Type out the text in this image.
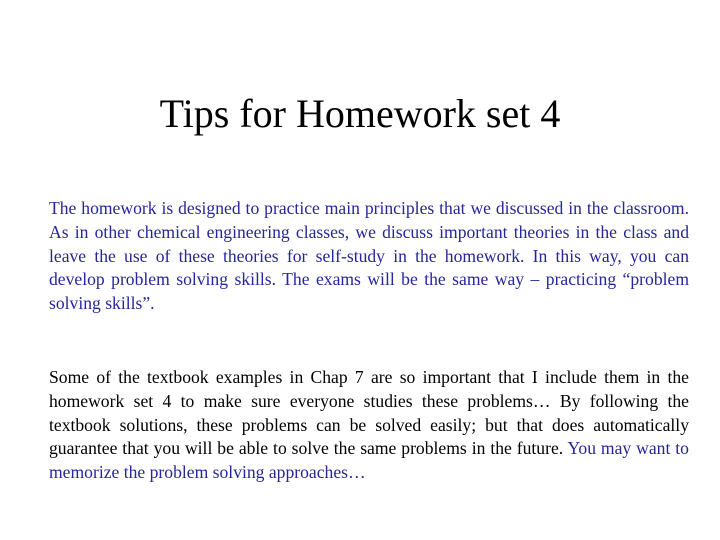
Tips for Homework set 4

The homework is designed to practice main principles that we discussed in the classroom. As in other chemical engineering classes, we discuss important theories in the class and leave the use of these theories for self-study in the homework. In this way, you can develop problem solving skills. The exams will be the same way – practicing “problem solving skills”.

Some of the textbook examples in Chap 7 are so important that I include them in the homework set 4 to make sure everyone studies these problems… By following the textbook solutions, these problems can be solved easily; but that does automatically guarantee that you will be able to solve the same problems in the future. You may want to memorize the problem solving approaches…
